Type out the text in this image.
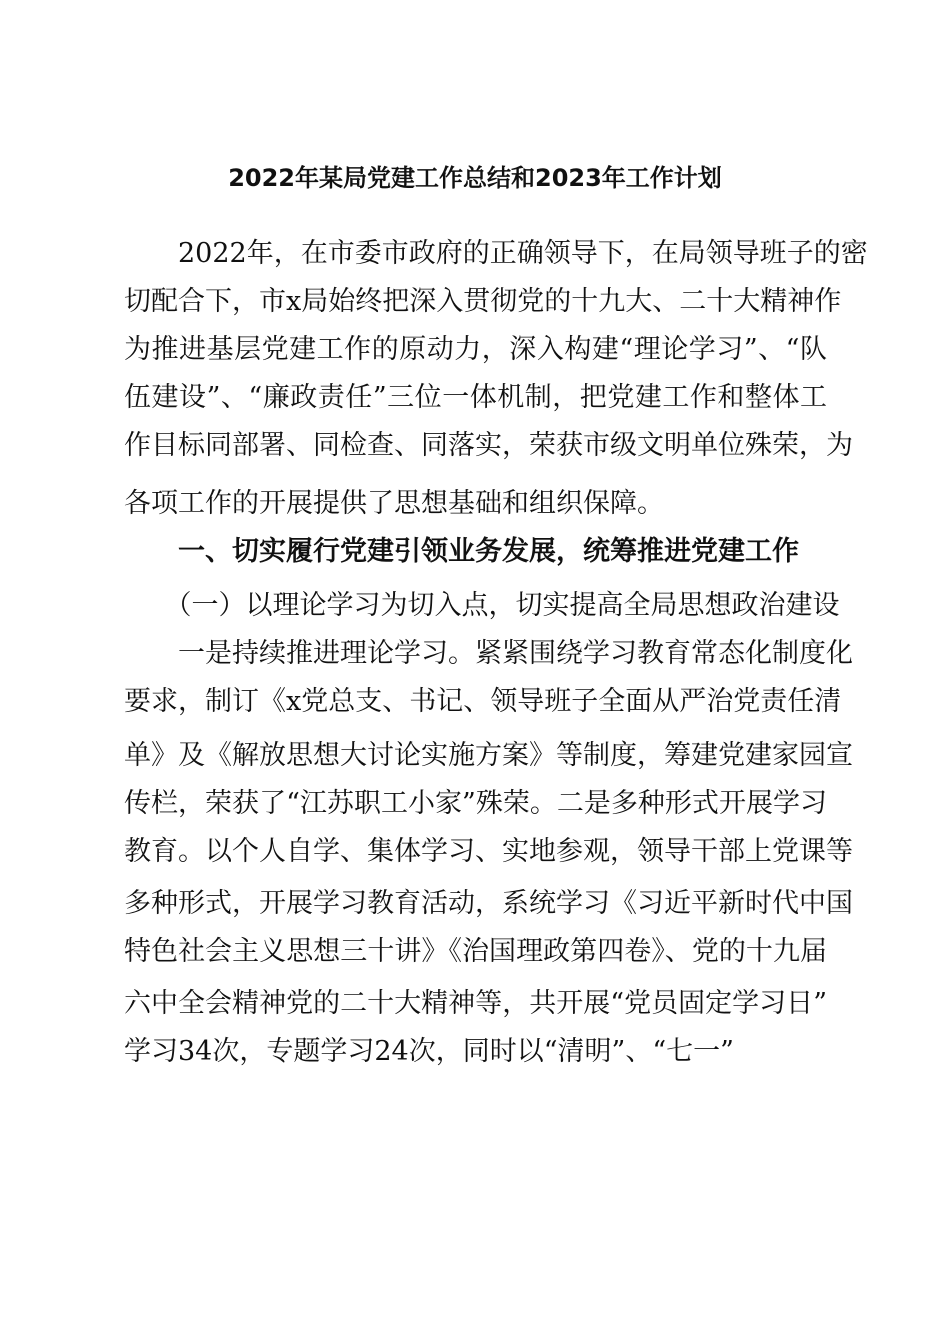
2022年某局党建工作总结和2023年工作计划
　　2022年，在市委市政府的正确领导下，在局领导班子的密
切配合下，市x局始终把深入贯彻党的十九大、二十大精神作
为推进基层党建工作的原动力，深入构建“理论学习”、“队
伍建设”、“廉政责任”三位一体机制，把党建工作和整体工
作目标同部署、同检查、同落实，荣获市级文明单位殊荣，为
各项工作的开展提供了思想基础和组织保障。
　　一、切实履行党建引领业务发展，统筹推进党建工作
　　（一）以理论学习为切入点，切实提高全局思想政治建设
　　一是持续推进理论学习。紧紧围绕学习教育常态化制度化
要求，制订《x党总支、书记、领导班子全面从严治党责任清
单》及《解放思想大讨论实施方案》等制度，筹建党建家园宣
传栏，荣获了“江苏职工小家”殊荣。二是多种形式开展学习
教育。以个人自学、集体学习、实地参观，领导干部上党课等
多种形式，开展学习教育活动，系统学习《习近平新时代中国
特色社会主义思想三十讲》《治国理政第四卷》、党的十九届
六中全会精神党的二十大精神等，共开展“党员固定学习日”
学习34次，专题学习24次，同时以“清明”、“七一”
